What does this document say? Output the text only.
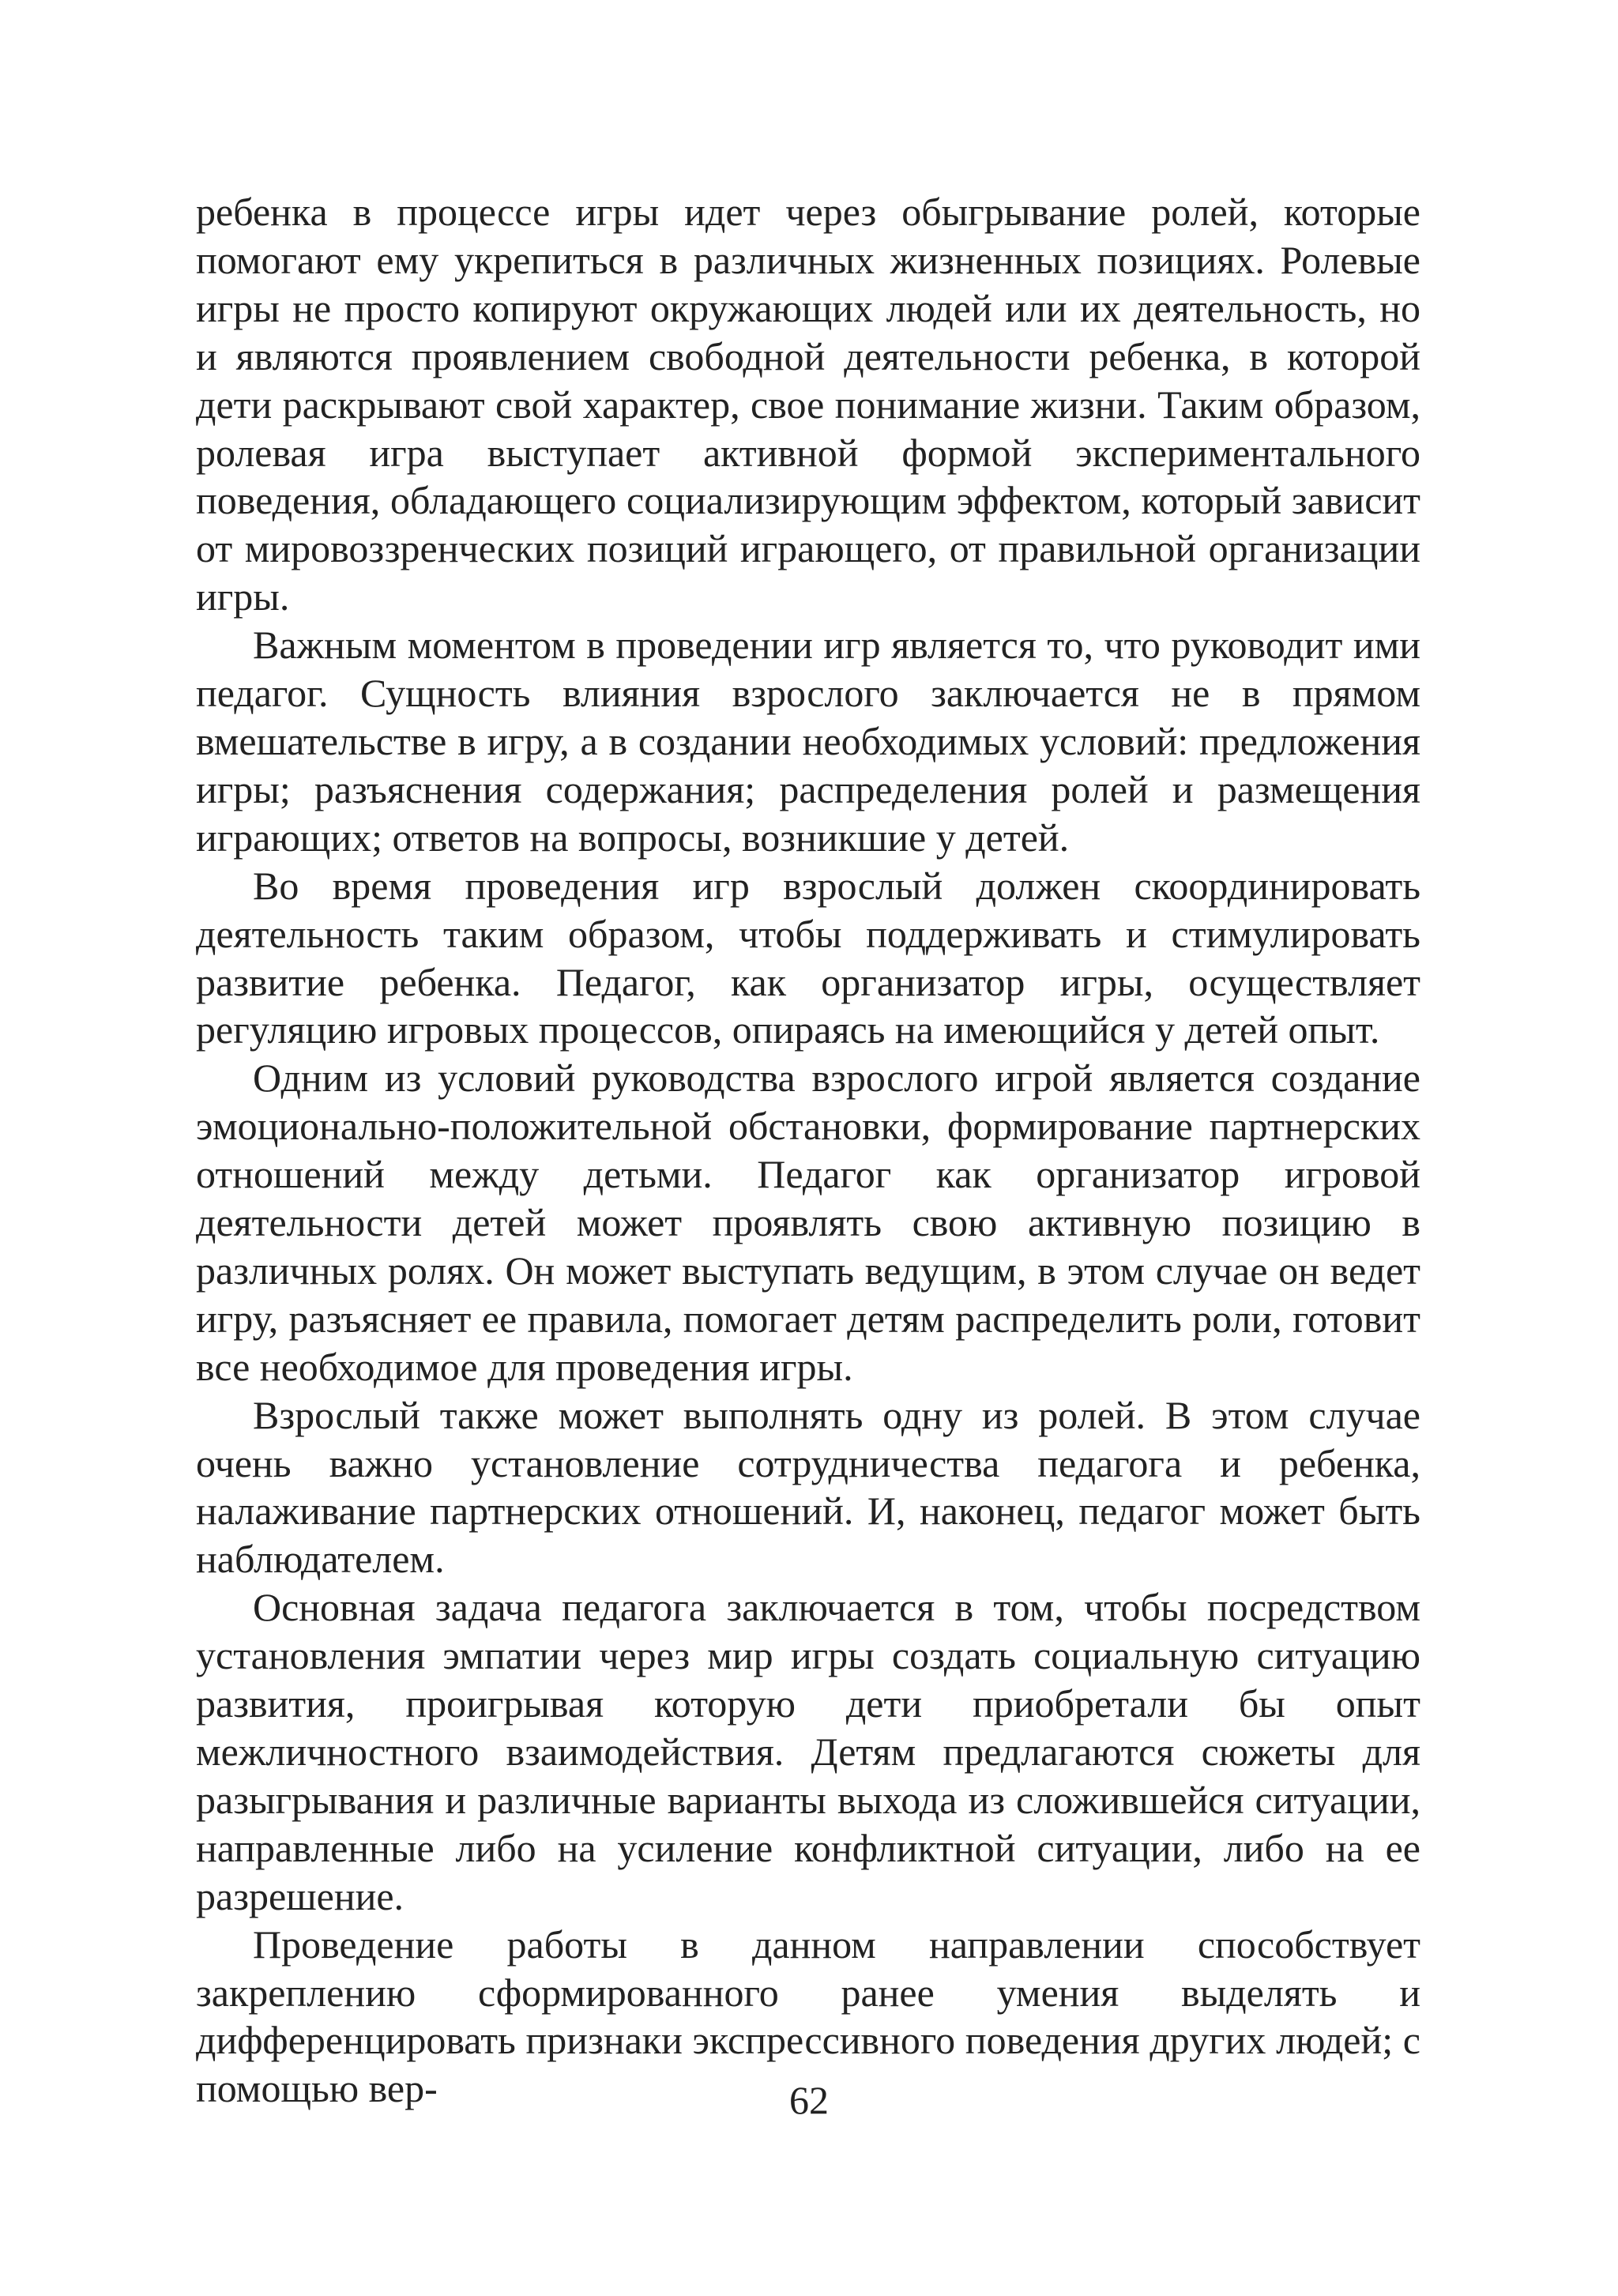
ребенка в процессе игры идет через обыгрывание ролей, которые помогают ему укрепиться в различных жизненных позициях. Ролевые игры не просто копируют окружающих людей или их деятельность, но и являются проявлением свободной деятельности ребенка, в которой дети раскрывают свой характер, свое понимание жизни. Таким образом, ролевая игра выступает активной формой экспериментального поведения, обладающего социализирующим эффектом, который зависит от мировоззренческих позиций играющего, от правильной организации игры.

Важным моментом в проведении игр является то, что руководит ими педагог. Сущность влияния взрослого заключается не в прямом вмешательстве в игру, а в создании необходимых условий: предложения игры; разъяснения содержания; распределения ролей и размещения играющих; ответов на вопросы, возникшие у детей.

Во время проведения игр взрослый должен скоординировать деятельность таким образом, чтобы поддерживать и стимулировать развитие ребенка. Педагог, как организатор игры, осуществляет регуляцию игровых процессов, опираясь на имеющийся у детей опыт.

Одним из условий руководства взрослого игрой является создание эмоционально-положительной обстановки, формирование партнерских отношений между детьми. Педагог как организатор игровой деятельности детей может проявлять свою активную позицию в различных ролях. Он может выступать ведущим, в этом случае он ведет игру, разъясняет ее правила, помогает детям распределить роли, готовит все необходимое для проведения игры.

Взрослый также может выполнять одну из ролей. В этом случае очень важно установление сотрудничества педагога и ребенка, налаживание партнерских отношений. И, наконец, педагог может быть наблюдателем.

Основная задача педагога заключается в том, чтобы посредством установления эмпатии через мир игры создать социальную ситуацию развития, проигрывая которую дети приобретали бы опыт межличностного взаимодействия. Детям предлагаются сюжеты для разыгрывания и различные варианты выхода из сложившейся ситуации, направленные либо на усиление конфликтной ситуации, либо на ее разрешение.

Проведение работы в данном направлении способствует закреплению сформированного ранее умения выделять и дифференцировать признаки экспрессивного поведения других людей; с помощью вер-	62
